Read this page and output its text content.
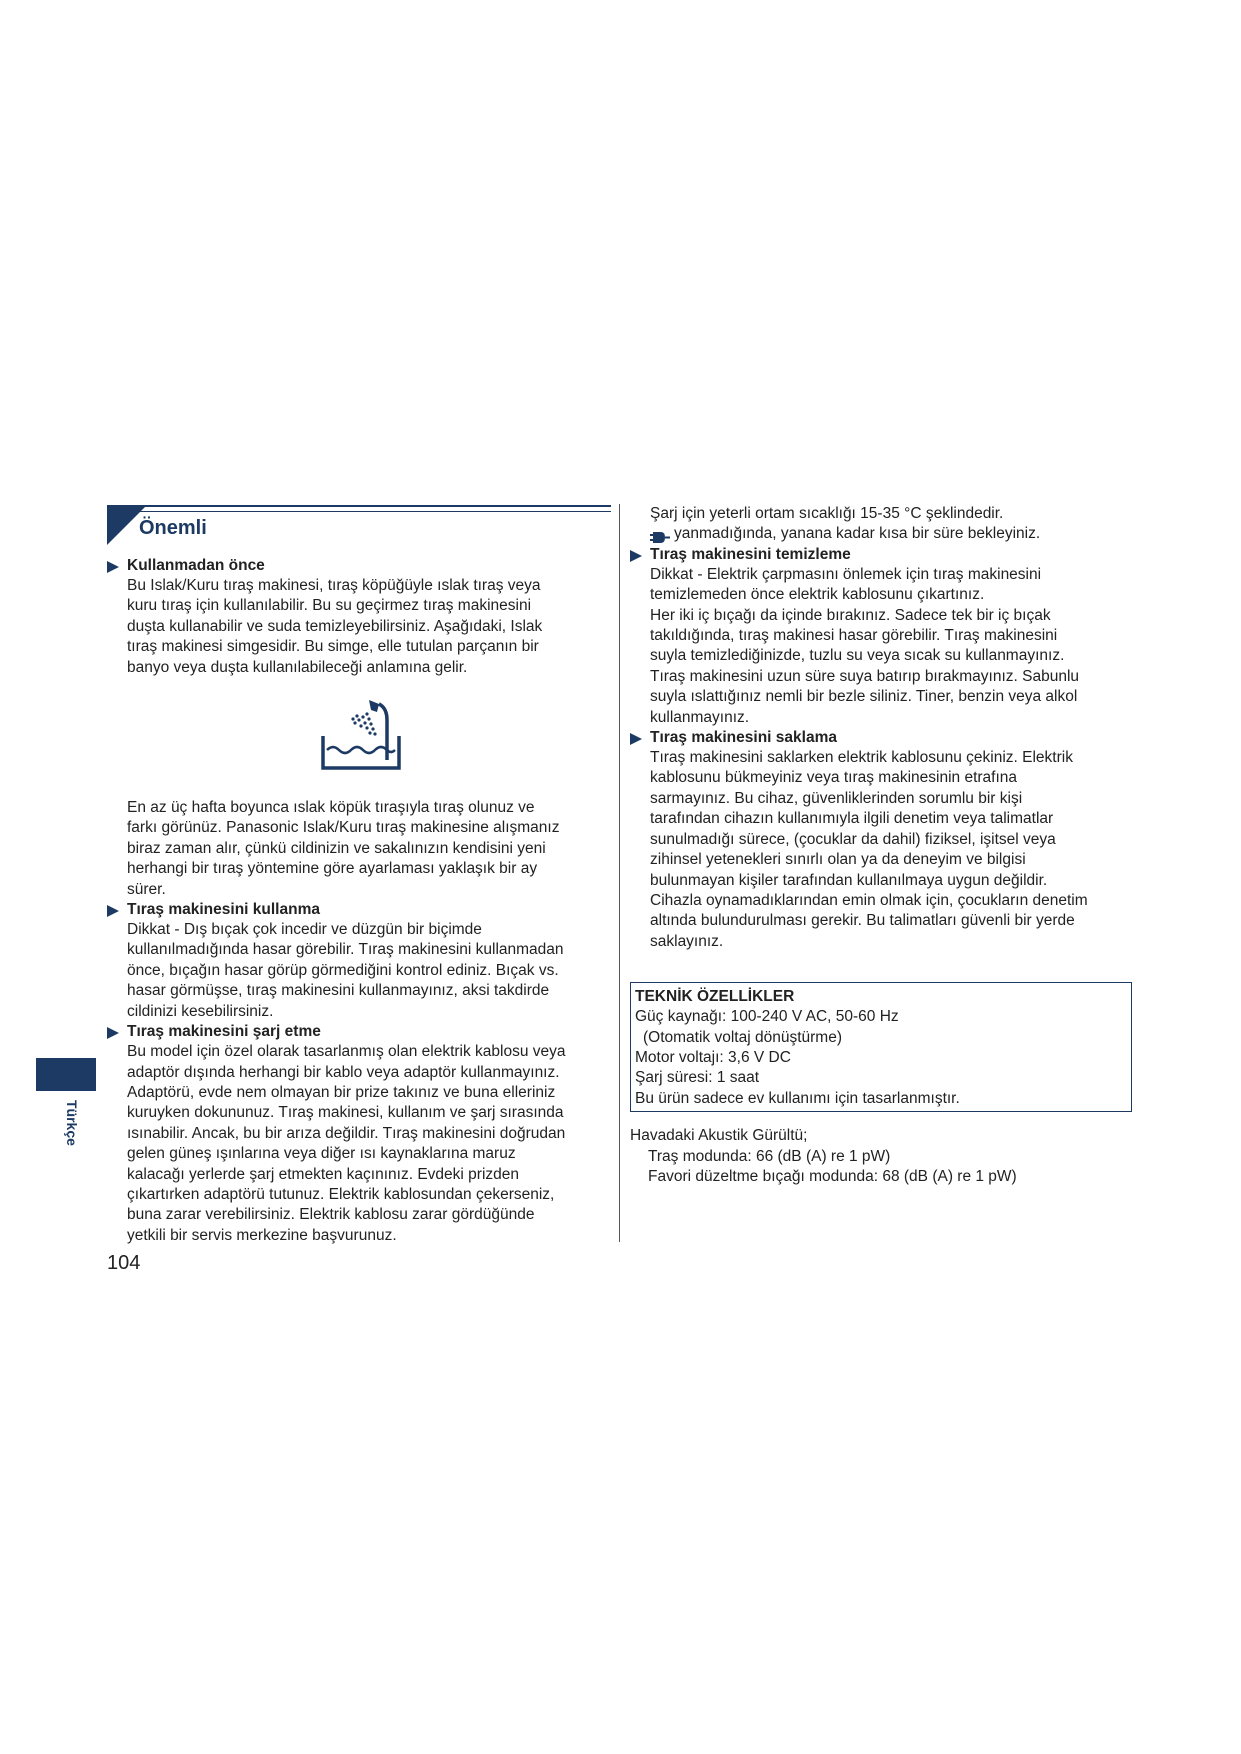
Önemli

Kullanmadan önce

Bu Islak/Kuru tıraş makinesi, tıraş köpüğüyle ıslak tıraş veya

kuru tıraş için kullanılabilir. Bu su geçirmez tıraş makinesini

duşta kullanabilir ve suda temizleyebilirsiniz. Aşağıdaki, Islak

tıraş makinesi simgesidir. Bu simge, elle tutulan parçanın bir

banyo veya duşta kullanılabileceği anlamına gelir.

En az üç hafta boyunca ıslak köpük tıraşıyla tıraş olunuz ve

farkı görünüz. Panasonic Islak/Kuru tıraş makinesine alışmanız

biraz zaman alır, çünkü cildinizin ve sakalınızın kendisini yeni

herhangi bir tıraş yöntemine göre ayarlaması yaklaşık bir ay

sürer.

Tıraş makinesini kullanma

Dikkat - Dış bıçak çok incedir ve düzgün bir biçimde

kullanılmadığında hasar görebilir. Tıraş makinesini kullanmadan

önce, bıçağın hasar görüp görmediğini kontrol ediniz. Bıçak vs.

hasar görmüşse, tıraş makinesini kullanmayınız, aksi takdirde

cildinizi kesebilirsiniz.

Tıraş makinesini şarj etme

Bu model için özel olarak tasarlanmış olan elektrik kablosu veya

adaptör dışında herhangi bir kablo veya adaptör kullanmayınız.

Adaptörü, evde nem olmayan bir prize takınız ve buna elleriniz

kuruyken dokununuz. Tıraş makinesi, kullanım ve şarj sırasında

ısınabilir. Ancak, bu bir arıza değildir. Tıraş makinesini doğrudan

gelen güneş ışınlarına veya diğer ısı kaynaklarına maruz

kalacağı yerlerde şarj etmekten kaçınınız. Evdeki prizden

çıkartırken adaptörü tutunuz. Elektrik kablosundan çekerseniz,

buna zarar verebilirsiniz. Elektrik kablosu zarar gördüğünde

yetkili bir servis merkezine başvurunuz.

Şarj için yeterli ortam sıcaklığı 15-35 °C şeklindedir.

yanmadığında, yanana kadar kısa bir süre bekleyiniz.

Tıraş makinesini temizleme

Dikkat - Elektrik çarpmasını önlemek için tıraş makinesini

temizlemeden önce elektrik kablosunu çıkartınız.

Her iki iç bıçağı da içinde bırakınız. Sadece tek bir iç bıçak

takıldığında, tıraş makinesi hasar görebilir. Tıraş makinesini

suyla temizlediğinizde, tuzlu su veya sıcak su kullanmayınız.

Tıraş makinesini uzun süre suya batırıp bırakmayınız. Sabunlu

suyla ıslattığınız nemli bir bezle siliniz. Tiner, benzin veya alkol

kullanmayınız.

Tıraş makinesini saklama

Tıraş makinesini saklarken elektrik kablosunu çekiniz. Elektrik

kablosunu bükmeyiniz veya tıraş makinesinin etrafına

sarmayınız. Bu cihaz, güvenliklerinden sorumlu bir kişi

tarafından cihazın kullanımıyla ilgili denetim veya talimatlar

sunulmadığı sürece, (çocuklar da dahil) fiziksel, işitsel veya

zihinsel yetenekleri sınırlı olan ya da deneyim ve bilgisi

bulunmayan kişiler tarafından kullanılmaya uygun değildir.

Cihazla oynamadıklarından emin olmak için, çocukların denetim

altında bulundurulması gerekir. Bu talimatları güvenli bir yerde

saklayınız.

TEKNİK ÖZELLİKLER

Güç kaynağı: 100-240 V AC, 50-60 Hz

(Otomatik voltaj dönüştürme)

Motor voltajı: 3,6 V DC

Şarj süresi: 1 saat

Bu ürün sadece ev kullanımı için tasarlanmıştır.

Havadaki Akustik Gürültü;

Traş modunda: 66 (dB (A) re 1 pW)

Favori düzeltme bıçağı modunda: 68 (dB (A) re 1 pW)

Türkçe
104
